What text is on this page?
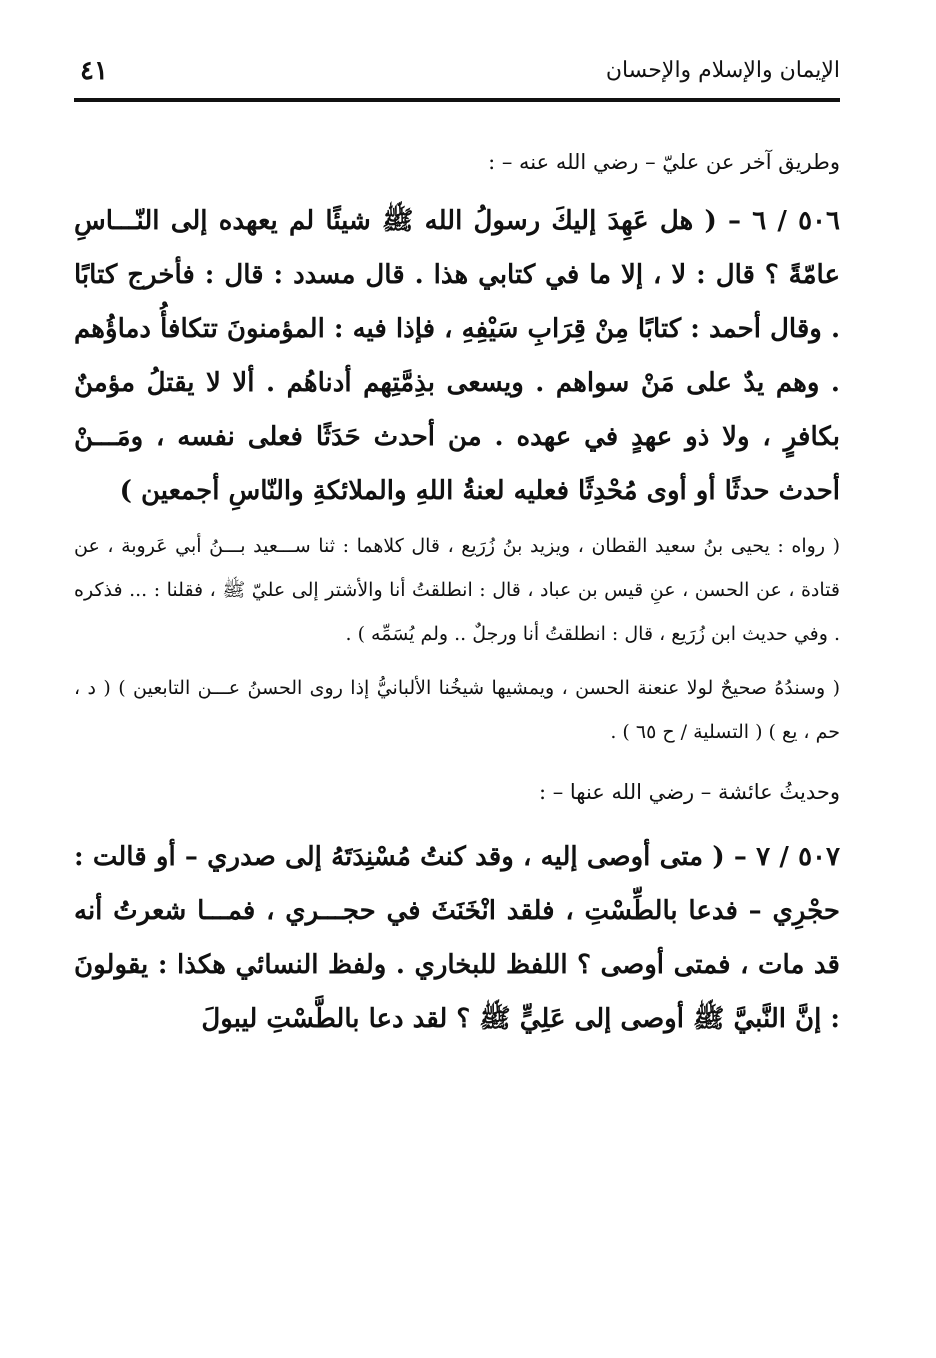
الإيمان والإسلام والإحسان
٤١

وطريق آخر عن عليّ – رضي الله عنه – :

٥٠٦ / ٦ – ( هل عَهِدَ إليكَ رسولُ الله ﷺ شيئًا لم يعهده إلى النّـــاسِ عامّةً ؟ قال : لا ، إلا ما في كتابي هذا . قال مسدد : قال : فأخرج كتابًا . وقال أحمد : كتابًا مِنْ قِرَابِ سَيْفِهِ ، فإذا فيه : المؤمنونَ تتكافأُ دماؤُهم . وهم يدٌ على مَنْ سواهم . ويسعى بذِمَّتِهم أدناهُم . ألا لا يقتلُ مؤمنٌ بكافرٍ ، ولا ذو عهدٍ في عهده . من أحدث حَدَثًا فعلى نفسه ، ومَـــنْ أحدث حدثًا أو أوى مُحْدِثًا فعليه لعنةُ اللهِ والملائكةِ والنّاسِ أجمعين )

( رواه : يحيى بنُ سعيد القطان ، ويزيد بنُ زُرَيع ، قال كلاهما : ثنا ســـعيد بـــنُ أبي عَروبة ، عن قتادة ، عن الحسن ، عنِ قيس بن عباد ، قال : انطلقتُ أنا والأشتر إلى عليّ ﷺ ، فقلنا : ... فذكره . وفي حديث ابن زُرَيع ، قال : انطلقتُ أنا ورجلٌ .. ولم يُسَمِّه ) .

( وسندُهُ صحيحٌ لولا عنعنة الحسن ، ويمشيها شيخُنا الألبانيُّ إذا روى الحسنُ عـــن التابعين ) ( د ، حم ، يع ) ( التسلية / ح ٦٥ ) .

وحديثُ عائشة – رضي الله عنها – :

٥٠٧ / ٧ – ( متى أوصى إليه ، وقد كنتُ مُسْنِدَتَهُ إلى صدري – أو قالت : حجْرِي – فدعا بالطِّسْتِ ، فلقد انْخَنَثَ في حجـــري ، فمـــا شعرتُ أنه قد مات ، فمتى أوصى ؟ اللفظ للبخاري . ولفظ النسائي هكذا : يقولونَ : إنَّ النَّبيَّ ﷺ أوصى إلى عَلِيٍّ ﷺ ؟ لقد دعا بالطَّسْتِ ليبولَ
